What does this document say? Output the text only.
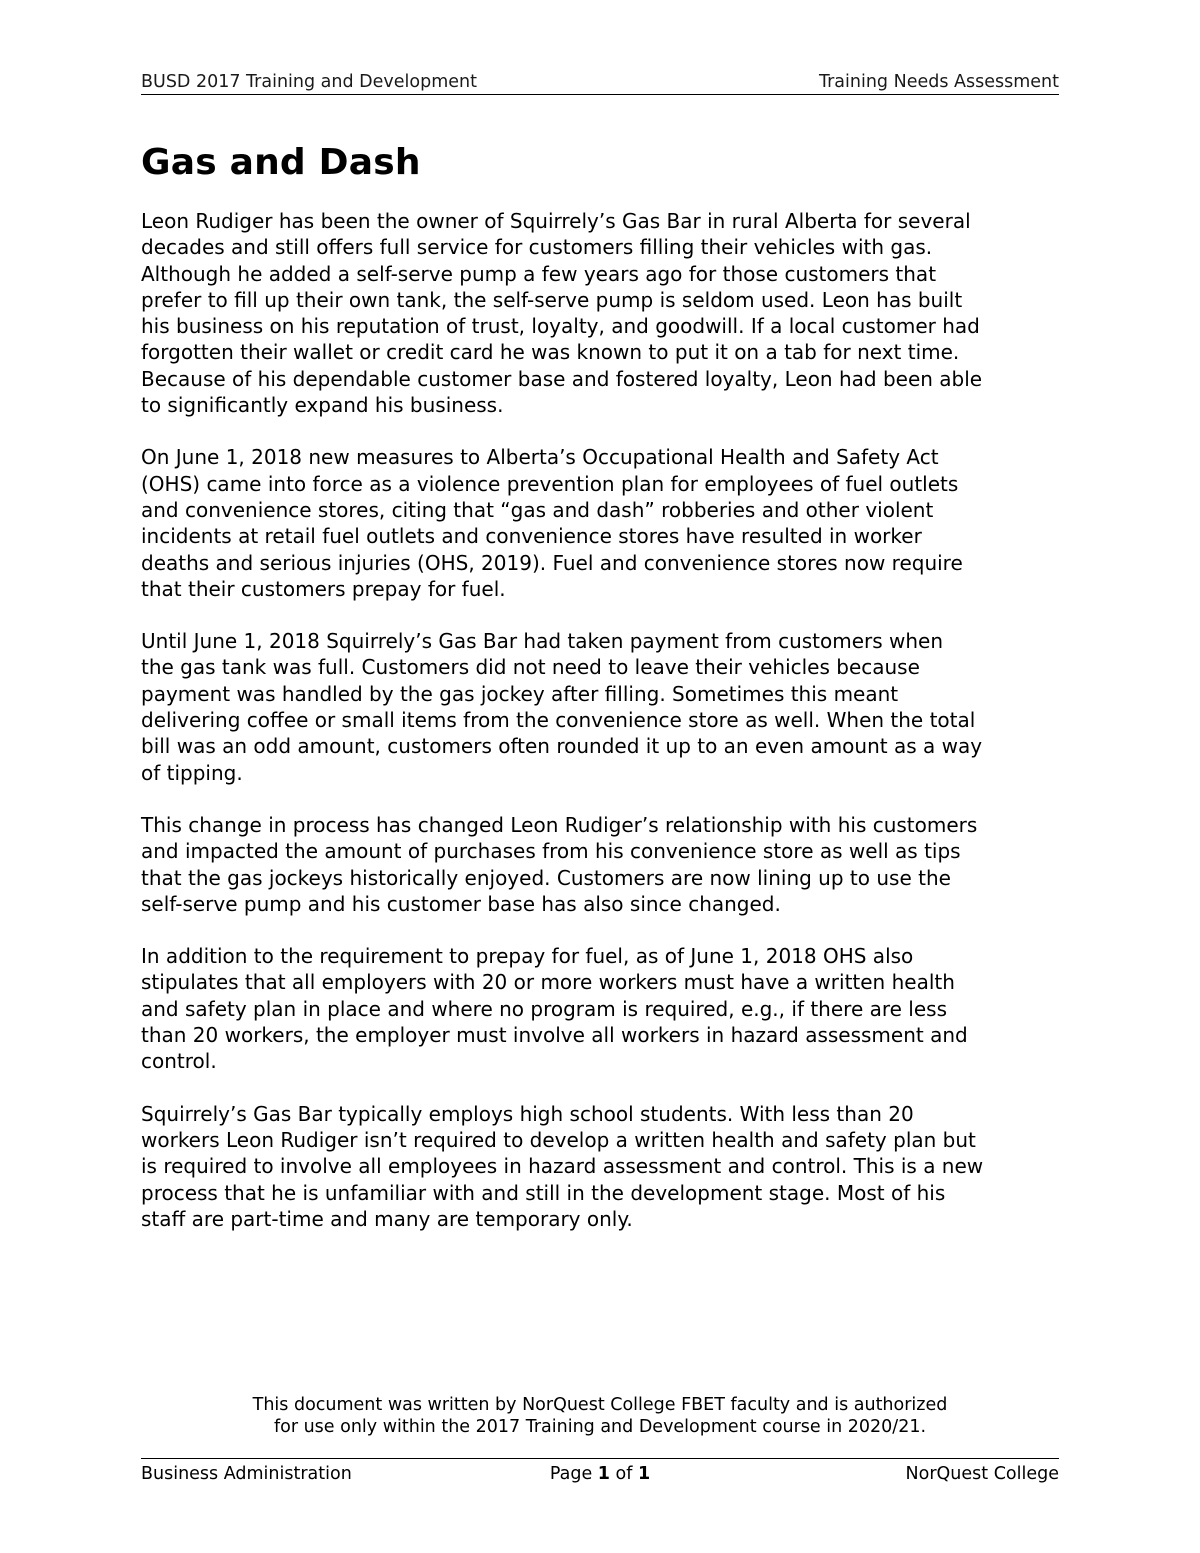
BUSD 2017 Training and Development	Training Needs Assessment
Gas and Dash

Leon Rudiger has been the owner of Squirrely’s Gas Bar in rural Alberta for several
decades and still offers full service for customers filling their vehicles with gas.
Although he added a self-serve pump a few years ago for those customers that
prefer to fill up their own tank, the self-serve pump is seldom used. Leon has built
his business on his reputation of trust, loyalty, and goodwill. If a local customer had
forgotten their wallet or credit card he was known to put it on a tab for next time.
Because of his dependable customer base and fostered loyalty, Leon had been able
to significantly expand his business.

On June 1, 2018 new measures to Alberta’s Occupational Health and Safety Act
(OHS) came into force as a violence prevention plan for employees of fuel outlets
and convenience stores, citing that “gas and dash” robberies and other violent
incidents at retail fuel outlets and convenience stores have resulted in worker
deaths and serious injuries (OHS, 2019). Fuel and convenience stores now require
that their customers prepay for fuel.

Until June 1, 2018 Squirrely’s Gas Bar had taken payment from customers when
the gas tank was full. Customers did not need to leave their vehicles because
payment was handled by the gas jockey after filling. Sometimes this meant
delivering coffee or small items from the convenience store as well. When the total
bill was an odd amount, customers often rounded it up to an even amount as a way
of tipping.

This change in process has changed Leon Rudiger’s relationship with his customers
and impacted the amount of purchases from his convenience store as well as tips
that the gas jockeys historically enjoyed. Customers are now lining up to use the
self-serve pump and his customer base has also since changed.

In addition to the requirement to prepay for fuel, as of June 1, 2018 OHS also
stipulates that all employers with 20 or more workers must have a written health
and safety plan in place and where no program is required, e.g., if there are less
than 20 workers, the employer must involve all workers in hazard assessment and
control.

Squirrely’s Gas Bar typically employs high school students. With less than 20
workers Leon Rudiger isn’t required to develop a written health and safety plan but
is required to involve all employees in hazard assessment and control. This is a new
process that he is unfamiliar with and still in the development stage. Most of his
staff are part-time and many are temporary only.

This document was written by NorQuest College FBET faculty and is authorized
for use only within the 2017 Training and Development course in 2020/21.
Business Administration	Page 1 of 1	NorQuest College
